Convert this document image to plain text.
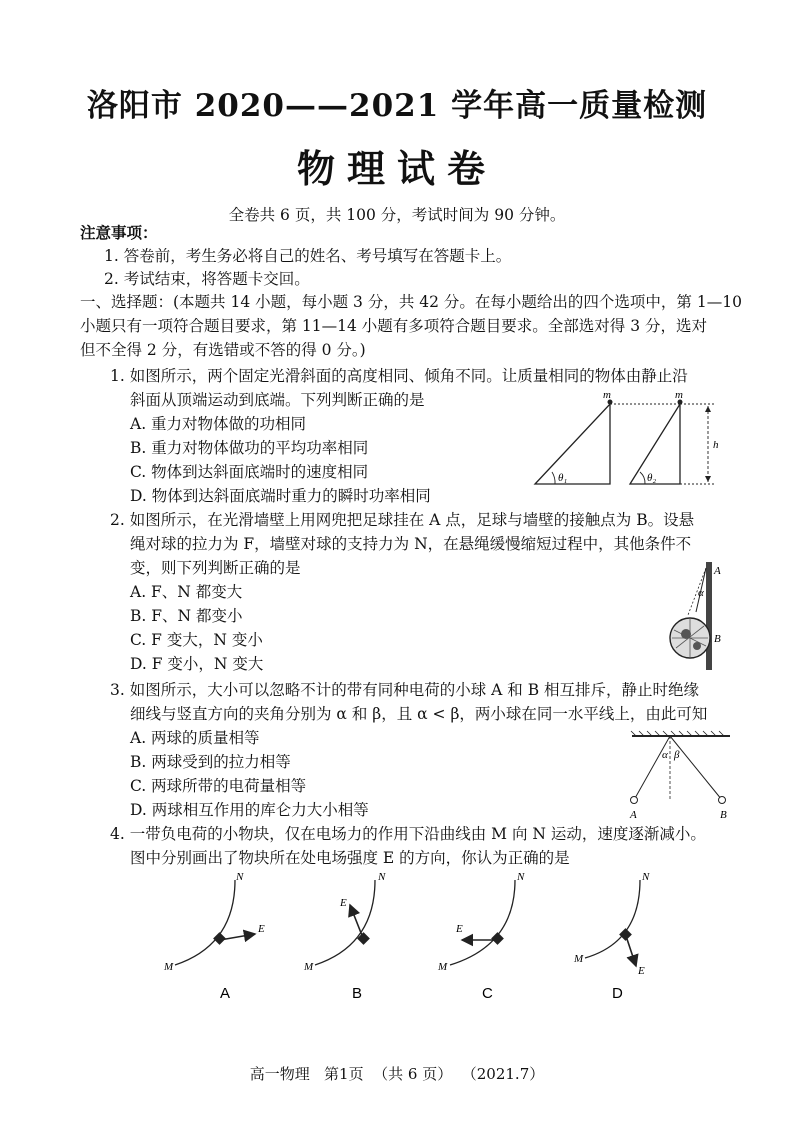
洛阳市 2020——2021 学年高一质量检测
物理试卷
全卷共 6 页，共 100 分，考试时间为 90 分钟。
注意事项：
1. 答卷前，考生务必将自己的姓名、考号填写在答题卡上。
2. 考试结束，将答题卡交回。
一、选择题：(本题共 14 小题，每小题 3 分，共 42 分。在每小题给出的四个选项中，第 1—10
小题只有一项符合题目要求，第 11—14 小题有多项符合题目要求。全部选对得 3 分，选对
但不全得 2 分，有选错或不答的得 0 分。)
1. 如图所示，两个固定光滑斜面的高度相同、倾角不同。让质量相同的物体由静止沿
斜面从顶端运动到底端。下列判断正确的是
A. 重力对物体做的功相同
B. 重力对物体做功的平均功率相同
C. 物体到达斜面底端时的速度相同
D. 物体到达斜面底端时重力的瞬时功率相同
m	m
θ₁	θ₂
h
2. 如图所示，在光滑墙壁上用网兜把足球挂在 A 点，足球与墙壁的接触点为 B。设悬
绳对球的拉力为 F，墙壁对球的支持力为 N，在悬绳缓慢缩短过程中，其他条件不
变，则下列判断正确的是
A. F、N 都变大
B. F、N 都变小
C. F 变大，N 变小
D. F 变小，N 变大
A
B
α
3. 如图所示，大小可以忽略不计的带有同种电荷的小球 A 和 B 相互排斥，静止时绝缘
细线与竖直方向的夹角分别为 α 和 β，且 α < β，两小球在同一水平线上，由此可知
A. 两球的质量相等
B. 两球受到的拉力相等
C. 两球所带的电荷量相等
D. 两球相互作用的库仑力大小相等
α β
A	B
4. 一带负电荷的小物块，仅在电场力的作用下沿曲线由 M 向 N 运动，速度逐渐减小。
图中分别画出了物块所在处电场强度 E 的方向，你认为正确的是
M
N
E
M
N
E
M
N
E
M
N
E
A	B	C	D
高一物理   第1页  （共 6 页）  （2021.7）
